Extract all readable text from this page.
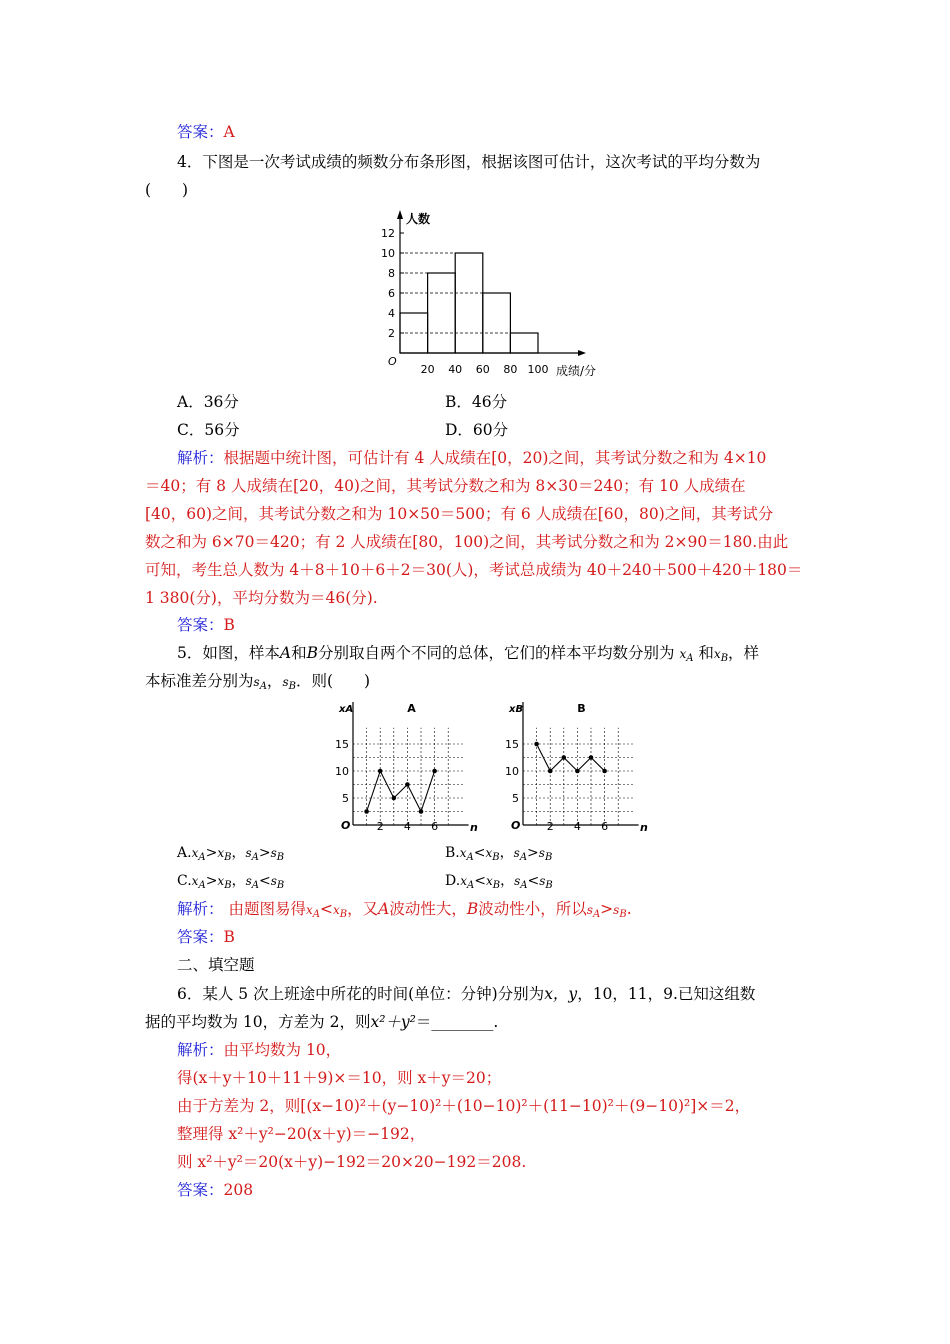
答案：A
4．下图是一次考试成绩的频数分布条形图，根据该图可估计，这次考试的平均分数为
(　　)
2
4
6
8
10
12
20 40 60 80 100
O
人数
成绩/分
A．36分	B．46分
C．56分	D．60分
解析：根据题中统计图，可估计有 4 人成绩在[0，20)之间，其考试分数之和为 4×10
＝40；有 8 人成绩在[20，40)之间，其考试分数之和为 8×30＝240；有 10 人成绩在
[40，60)之间，其考试分数之和为 10×50＝500；有 6 人成绩在[60，80)之间，其考试分
数之和为 6×70＝420；有 2 人成绩在[80，100)之间，其考试分数之和为 2×90＝180.由此
可知，考生总人数为 4＋8＋10＋6＋2＝30(人)，考试总成绩为 40＋240＋500＋420＋180＝
1 380(分)，平均分数为＝46(分).
答案：B
5．如图，样本A和B分别取自两个不同的总体，它们的样本平均数分别为 $x_A$ 和$x_B$，样
本标准差分别为$s_A$，$s_B$．则(　　)
5
10
15
2 4 6
O	n
A
xA
5
10
15
2 4 6
O	n
B
xB
$A.x_A>x_B$，$s_A>s_B$	$B.x_A<x_B$，$s_A>s_B$
$C.x_A>x_B$，$s_A<s_B$	$D.x_A<x_B$，$s_A<s_B$
解析： 由题图易得$x_A<x_B$，又A波动性大，B波动性小，所以$s_A>s_B$.
答案：B
二、填空题
6．某人 5 次上班途中所花的时间(单位：分钟)分别为x，y，10，11，9.已知这组数
据的平均数为 10，方差为 2，则x²＋y²＝________.
解析：由平均数为 10，
得(x＋y＋10＋11＋9)×＝10，则 x＋y＝20；
由于方差为 2，则[(x−10)²＋(y−10)²＋(10−10)²＋(11−10)²＋(9−10)²]×＝2，
整理得 x²＋y²−20(x＋y)＝−192，
则 x²＋y²＝20(x＋y)−192＝20×20−192＝208.
答案：208
